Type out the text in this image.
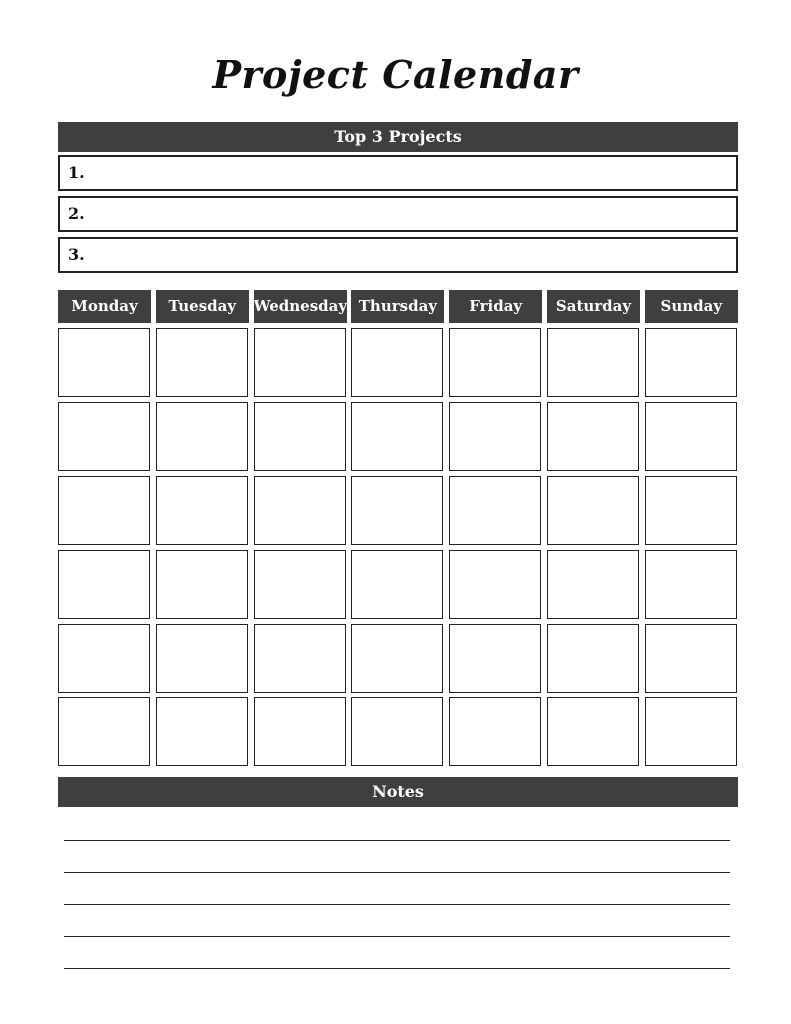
Project Calendar
Top 3 Projects
1.
2.
3.
Monday	Tuesday	Wednesday Thursday	Friday	Saturday	Sunday
Notes
